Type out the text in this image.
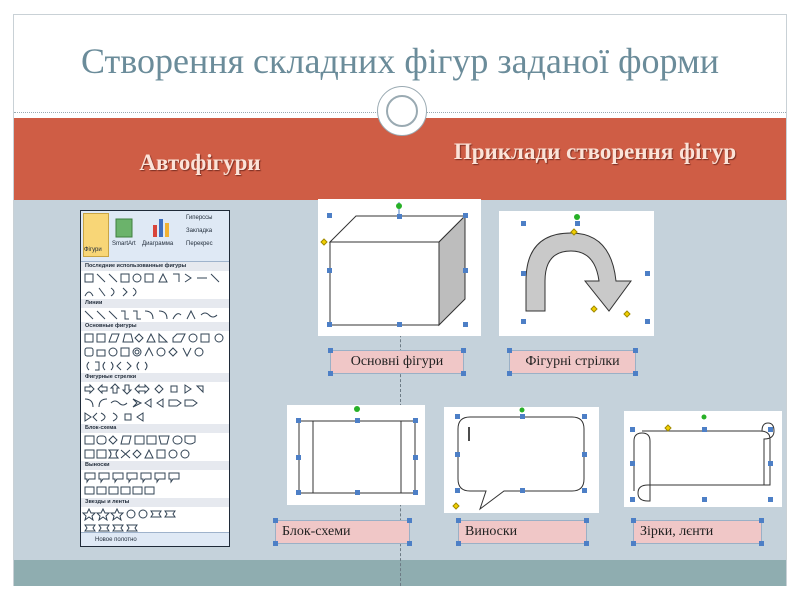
Створення складних фігур заданої форми
Автофігури	Приклади створення фігур
Фігури
SmartArt Диаграмма
Гиперссы
Закладка
Перекрес
Последние использованные фигуры
Линии
Основные фигуры
Фигурные стрелки
Блок-схема
Выноски
Звезды и ленты
Новое полотно
Основні фігури	Фігурні стрілки
Блок-схеми	Виноски	Зірки, лєнти
